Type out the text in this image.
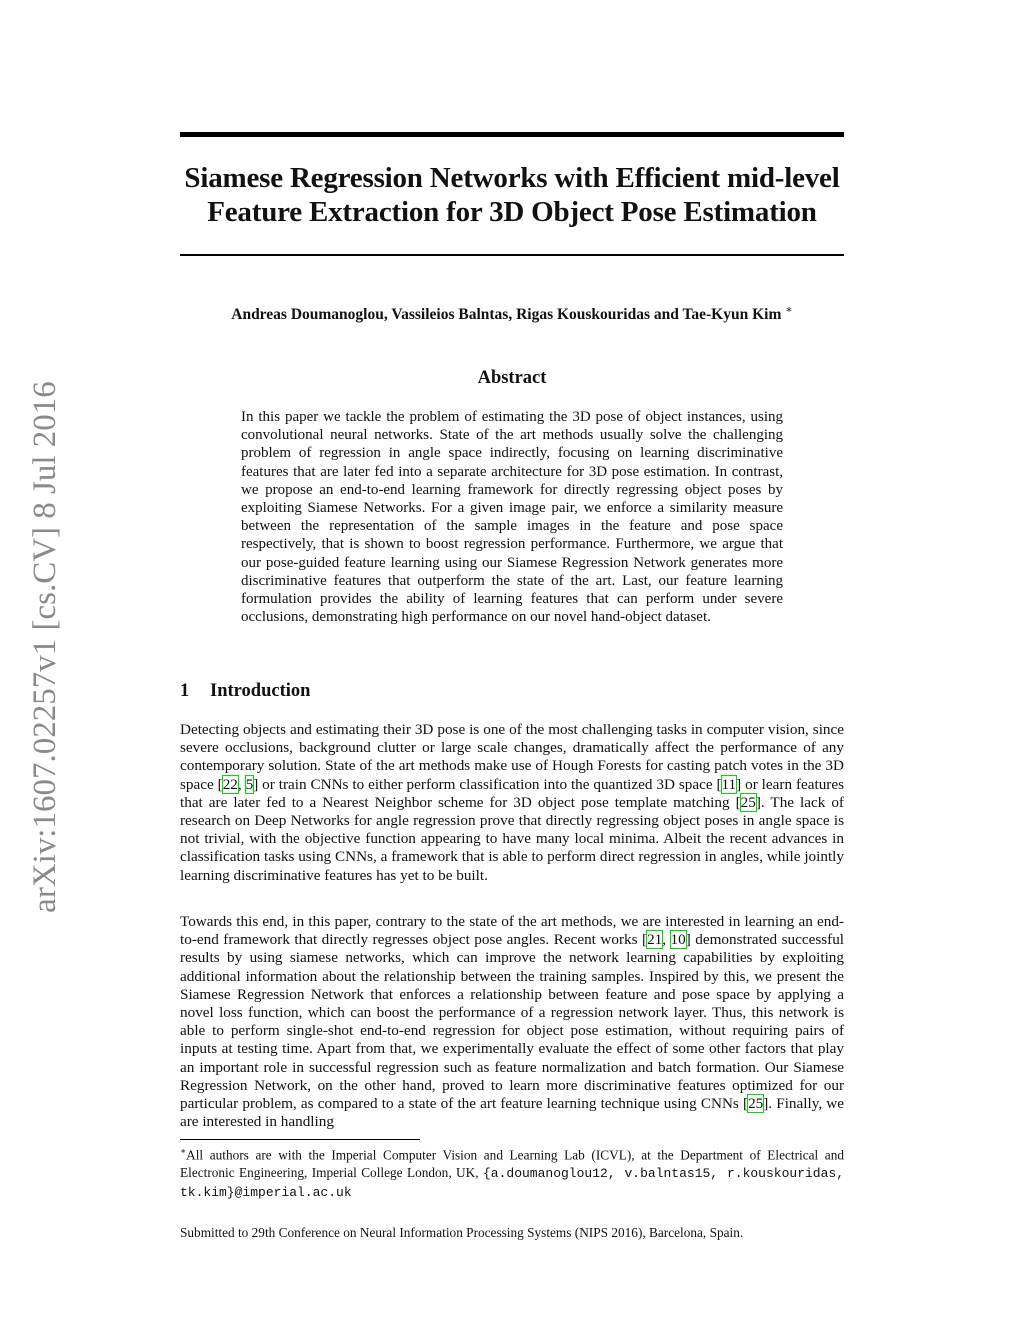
arXiv:1607.02257v1 [cs.CV] 8 Jul 2016
Siamese Regression Networks with Efficient mid-level
Feature Extraction for 3D Object Pose Estimation
Andreas Doumanoglou, Vassileios Balntas, Rigas Kouskouridas and Tae-Kyun Kim ∗
Abstract

In this paper we tackle the problem of estimating the 3D pose of object instances, using convolutional neural networks. State of the art methods usually solve the challenging problem of regression in angle space indirectly, focusing on learning discriminative features that are later fed into a separate architecture for 3D pose estimation. In contrast, we propose an end-to-end learning framework for directly regressing object poses by exploiting Siamese Networks. For a given image pair, we enforce a similarity measure between the representation of the sample images in the feature and pose space respectively, that is shown to boost regression performance. Furthermore, we argue that our pose-guided feature learning using our Siamese Regression Network generates more discriminative features that outperform the state of the art. Last, our feature learning formulation provides the ability of learning features that can perform under severe occlusions, demonstrating high performance on our novel hand-object dataset.

1 Introduction

Detecting objects and estimating their 3D pose is one of the most challenging tasks in computer vision, since severe occlusions, background clutter or large scale changes, dramatically affect the performance of any contemporary solution. State of the art methods make use of Hough Forests for casting patch votes in the 3D space [22, 5] or train CNNs to either perform classification into the quantized 3D space [11] or learn features that are later fed to a Nearest Neighbor scheme for 3D object pose template matching [25]. The lack of research on Deep Networks for angle regression prove that directly regressing object poses in angle space is not trivial, with the objective function appearing to have many local minima. Albeit the recent advances in classification tasks using CNNs, a framework that is able to perform direct regression in angles, while jointly learning discriminative features has yet to be built.

Towards this end, in this paper, contrary to the state of the art methods, we are interested in learning an end-to-end framework that directly regresses object pose angles. Recent works [21, 10] demonstrated successful results by using siamese networks, which can improve the network learning capabilities by exploiting additional information about the relationship between the training samples. Inspired by this, we present the Siamese Regression Network that enforces a relationship between feature and pose space by applying a novel loss function, which can boost the performance of a regression network layer. Thus, this network is able to perform single-shot end-to-end regression for object pose estimation, without requiring pairs of inputs at testing time. Apart from that, we experimentally evaluate the effect of some other factors that play an important role in successful regression such as feature normalization and batch formation. Our Siamese Regression Network, on the other hand, proved to learn more discriminative features optimized for our particular problem, as compared to a state of the art feature learning technique using CNNs [25]. Finally, we are interested in handling

∗All authors are with the Imperial Computer Vision and Learning Lab (ICVL), at the Department of Electrical and Electronic Engineering, Imperial College London, UK, {a.doumanoglou12, v.balntas15, r.kouskouridas, tk.kim}@imperial.ac.uk

Submitted to 29th Conference on Neural Information Processing Systems (NIPS 2016), Barcelona, Spain.
